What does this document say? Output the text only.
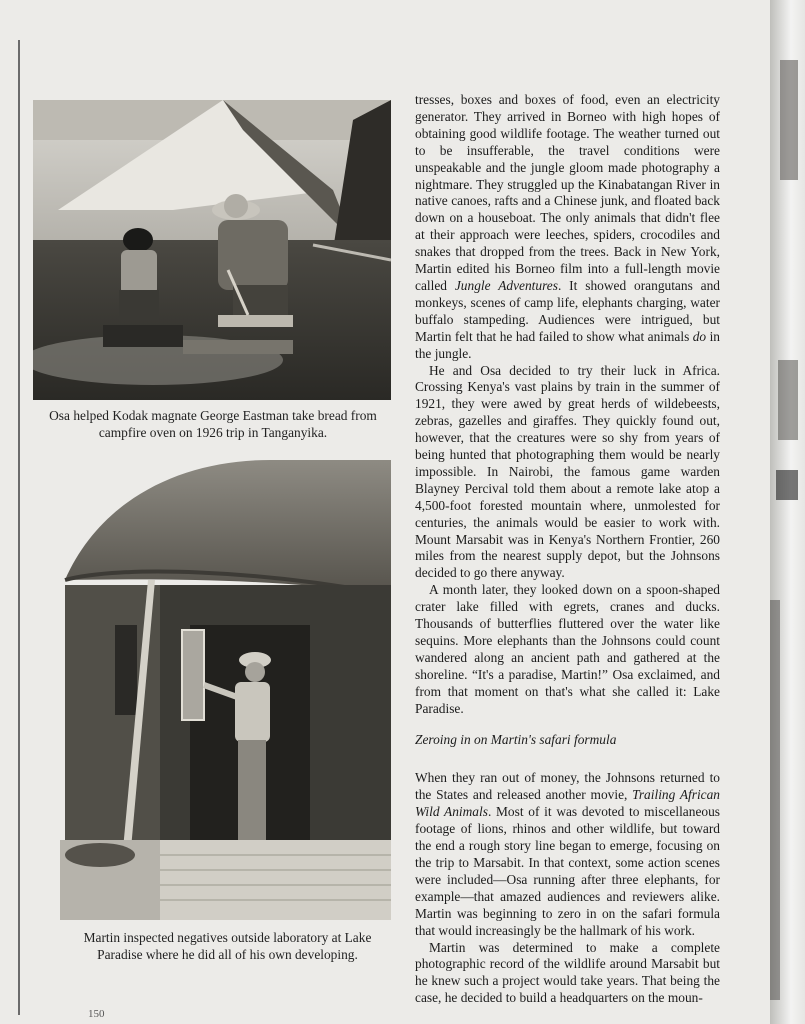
Osa helped Kodak magnate George Eastman take bread from campfire oven on 1926 trip in Tanganyika.
Martin inspected negatives outside laboratory at Lake Paradise where he did all of his own developing.

tresses, boxes and boxes of food, even an electricity generator. They arrived in Borneo with high hopes of obtaining good wildlife footage. The weather turned out to be insufferable, the travel conditions were unspeakable and the jungle gloom made photography a nightmare. They struggled up the Kinabatangan River in native canoes, rafts and a Chinese junk, and floated back down on a houseboat. The only animals that didn't flee at their approach were leeches, spiders, crocodiles and snakes that dropped from the trees. Back in New York, Martin edited his Borneo film into a full-length movie called Jungle Adventures. It showed orangutans and monkeys, scenes of camp life, elephants charging, water buffalo stampeding. Audiences were intrigued, but Martin felt that he had failed to show what animals do in the jungle.

He and Osa decided to try their luck in Africa. Crossing Kenya's vast plains by train in the summer of 1921, they were awed by great herds of wildebeests, zebras, gazelles and giraffes. They quickly found out, however, that the creatures were so shy from years of being hunted that photographing them would be nearly impossible. In Nairobi, the famous game warden Blayney Percival told them about a remote lake atop a 4,500-foot forested mountain where, unmolested for centuries, the animals would be easier to work with. Mount Marsabit was in Kenya's Northern Frontier, 260 miles from the nearest supply depot, but the Johnsons decided to go there anyway.

A month later, they looked down on a spoon-shaped crater lake filled with egrets, cranes and ducks. Thousands of butterflies fluttered over the water like sequins. More elephants than the Johnsons could count wandered along an ancient path and gathered at the shoreline. “It's a paradise, Martin!” Osa exclaimed, and from that moment on that's what she called it: Lake Paradise.

Zeroing in on Martin's safari formula

When they ran out of money, the Johnsons returned to the States and released another movie, Trailing African Wild Animals. Most of it was devoted to miscellaneous footage of lions, rhinos and other wildlife, but toward the end a rough story line began to emerge, focusing on the trip to Marsabit. In that context, some action scenes were included—Osa running after three elephants, for example—that amazed audiences and reviewers alike. Martin was beginning to zero in on the safari formula that would increasingly be the hallmark of his work.

Martin was determined to make a complete photographic record of the wildlife around Marsabit but he knew such a project would take years. That being the case, he decided to build a headquarters on the moun-

150
